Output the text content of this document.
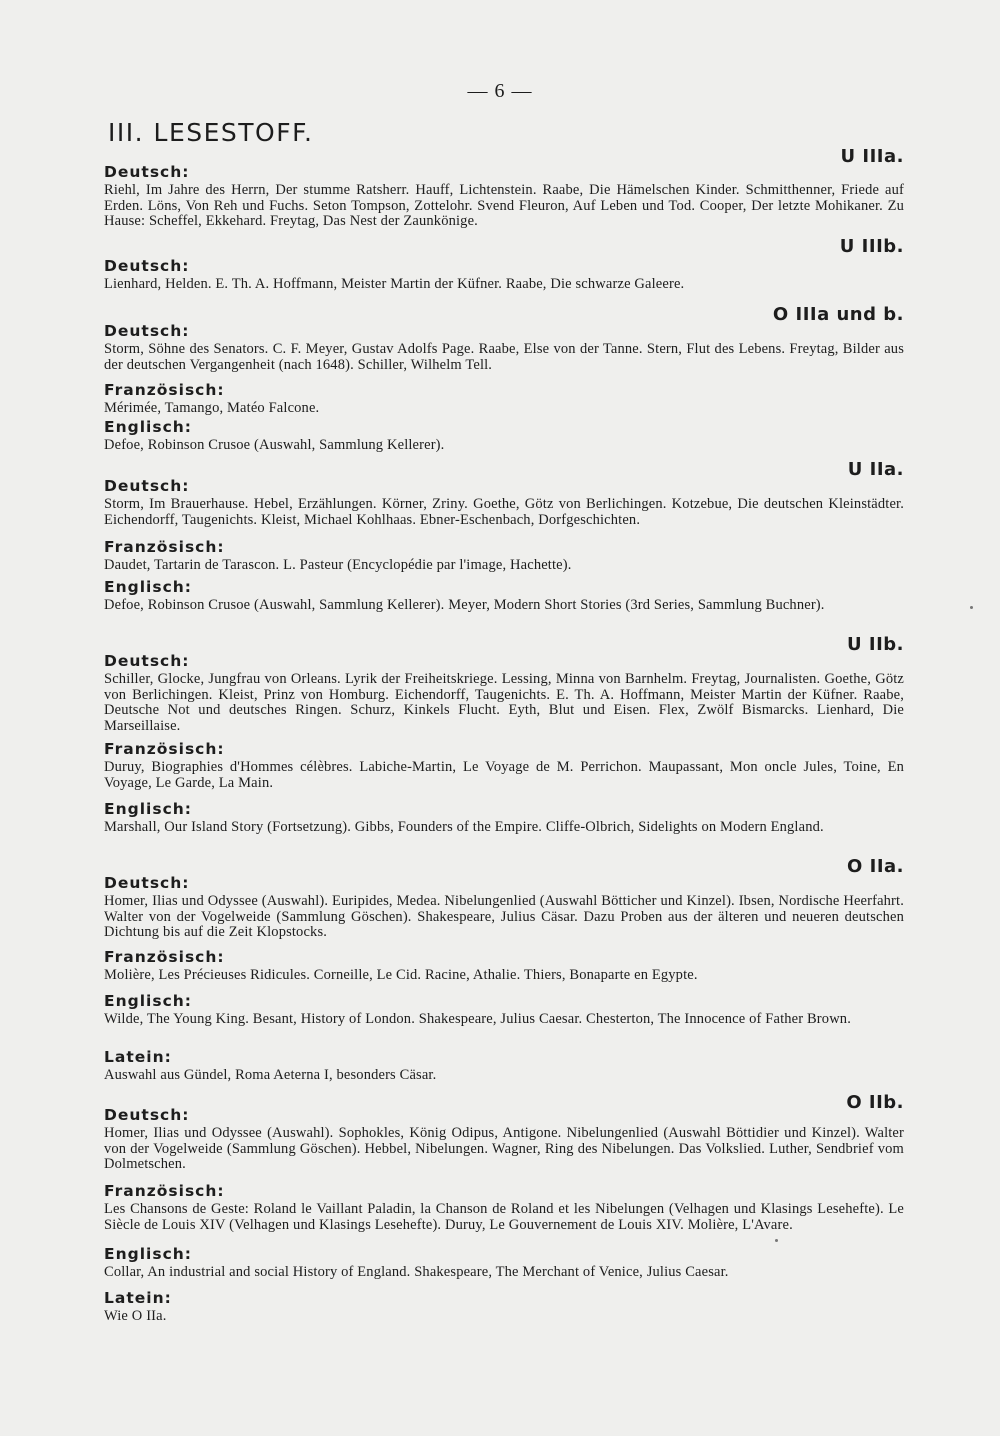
— 6 —
III. LESESTOFF.
U IIIa.
U IIIb.
O IIIa und b.
U IIa.
U IIb.
O IIa.
O IIb.

Deutsch:

Riehl, Im Jahre des Herrn, Der stumme Ratsherr. Hauff, Lichtenstein. Raabe, Die Hämelschen Kinder. Schmitthenner, Friede auf Erden. Löns, Von Reh und Fuchs. Seton Tompson, Zottelohr. Svend Fleuron, Auf Leben und Tod. Cooper, Der letzte Mohikaner. Zu Hause: Scheffel, Ekkehard. Freytag, Das Nest der Zaunkönige.

Deutsch:

Lienhard, Helden. E. Th. A. Hoffmann, Meister Martin der Küfner. Raabe, Die schwarze Galeere.

Deutsch:

Storm, Söhne des Senators. C. F. Meyer, Gustav Adolfs Page. Raabe, Else von der Tanne. Stern, Flut des Lebens. Freytag, Bilder aus der deutschen Vergangenheit (nach 1648). Schiller, Wilhelm Tell.

Französisch:

Mérimée, Tamango, Matéo Falcone.

Englisch:

Defoe, Robinson Crusoe (Auswahl, Sammlung Kellerer).

Deutsch:

Storm, Im Brauerhause. Hebel, Erzählungen. Körner, Zriny. Goethe, Götz von Berlichingen. Kotzebue, Die deutschen Kleinstädter. Eichendorff, Taugenichts. Kleist, Michael Kohlhaas. Ebner-Eschenbach, Dorfgeschichten.

Französisch:

Daudet, Tartarin de Tarascon. L. Pasteur (Encyclopédie par l'image, Hachette).

Englisch:

Defoe, Robinson Crusoe (Auswahl, Sammlung Kellerer). Meyer, Modern Short Stories (3rd Series, Sammlung Buchner).

Deutsch:

Schiller, Glocke, Jungfrau von Orleans. Lyrik der Freiheitskriege. Lessing, Minna von Barnhelm. Freytag, Journalisten. Goethe, Götz von Berlichingen. Kleist, Prinz von Homburg. Eichendorff, Taugenichts. E. Th. A. Hoffmann, Meister Martin der Küfner. Raabe, Deutsche Not und deutsches Ringen. Schurz, Kinkels Flucht. Eyth, Blut und Eisen. Flex, Zwölf Bismarcks. Lienhard, Die Marseillaise.

Französisch:

Duruy, Biographies d'Hommes célèbres. Labiche-Martin, Le Voyage de M. Perrichon. Maupassant, Mon oncle Jules, Toine, En Voyage, Le Garde, La Main.

Englisch:

Marshall, Our Island Story (Fortsetzung). Gibbs, Founders of the Empire. Cliffe-Olbrich, Sidelights on Modern England.

Deutsch:

Homer, Ilias und Odyssee (Auswahl). Euripides, Medea. Nibelungenlied (Auswahl Bötticher und Kinzel). Ibsen, Nordische Heerfahrt. Walter von der Vogelweide (Sammlung Göschen). Shakespeare, Julius Cäsar. Dazu Proben aus der älteren und neueren deutschen Dichtung bis auf die Zeit Klopstocks.

Französisch:

Molière, Les Précieuses Ridicules. Corneille, Le Cid. Racine, Athalie. Thiers, Bonaparte en Egypte.

Englisch:

Wilde, The Young King. Besant, History of London. Shakespeare, Julius Caesar. Chesterton, The Innocence of Father Brown.

Latein:

Auswahl aus Gündel, Roma Aeterna I, besonders Cäsar.

Deutsch:

Homer, Ilias und Odyssee (Auswahl). Sophokles, König Odipus, Antigone. Nibelungenlied (Auswahl Böttidier und Kinzel). Walter von der Vogelweide (Sammlung Göschen). Hebbel, Nibelungen. Wagner, Ring des Nibelungen. Das Volkslied. Luther, Sendbrief vom Dolmetschen.

Französisch:

Les Chansons de Geste: Roland le Vaillant Paladin, la Chanson de Roland et les Nibelungen (Velhagen und Klasings Lesehefte). Le Siècle de Louis XIV (Velhagen und Klasings Lesehefte). Duruy, Le Gouvernement de Louis XIV. Molière, L'Avare.

Englisch:

Collar, An industrial and social History of England. Shakespeare, The Merchant of Venice, Julius Caesar.

Latein:

Wie O IIa.
